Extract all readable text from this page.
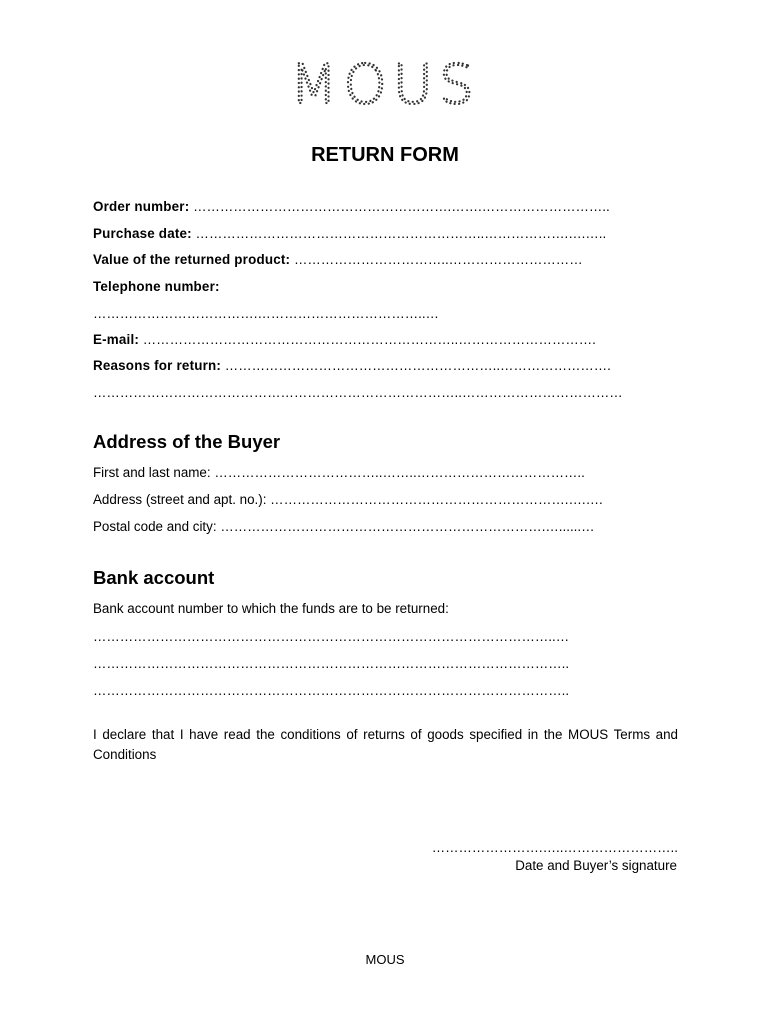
MOUS
RETURN FORM
Order number: ………………………………………………….…….………………………..
Purchase date: ………………………………………………………..……………….….…..
Value of the returned product: ……………………………..…………………………
Telephone number:
……………………………….………………………………..…
E-mail: ……………………………………………………………..………………………….
Reasons for return: ……………………………………………………..…………………….
………………………………………………………………………..………………………………
Address of the Buyer
First and last name: ………………………………..……..………………………………..
Address (street and apt. no.): ………………………………………………………….….….
Postal code and city: ……………………………………………………………….…......…
Bank account
Bank account number to which the funds are to be returned:
…………………………………………………………………………………………..…
……………………………………………………………………………………………..
……………………………………………………………………………………………..
I declare that I have read the conditions of returns of goods specified in the MOUS Terms and Conditions
…………………….…..……………………..
Date and Buyer’s signature
MOUS
